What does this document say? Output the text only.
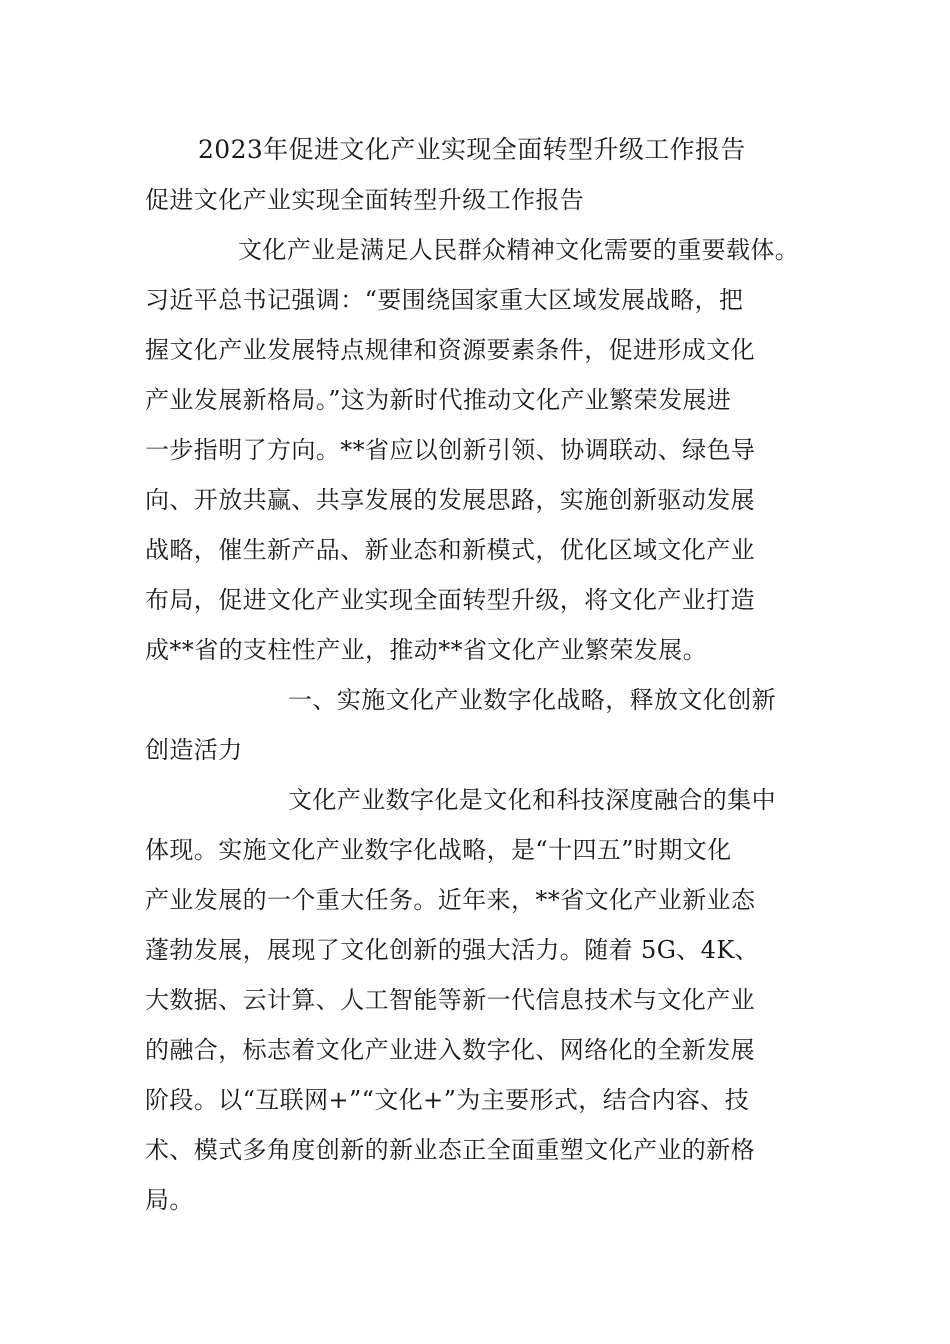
2023年促进文化产业实现全面转型升级工作报告
促进文化产业实现全面转型升级工作报告
文化产业是满足人民群众精神文化需要的重要载体。
习近平总书记强调：“要围绕国家重大区域发展战略，把
握文化产业发展特点规律和资源要素条件，促进形成文化
产业发展新格局。”这为新时代推动文化产业繁荣发展进
一步指明了方向。**省应以创新引领、协调联动、绿色导
向、开放共赢、共享发展的发展思路，实施创新驱动发展
战略，催生新产品、新业态和新模式，优化区域文化产业
布局，促进文化产业实现全面转型升级，将文化产业打造
成**省的支柱性产业，推动**省文化产业繁荣发展。
一、实施文化产业数字化战略，释放文化创新
创造活力
文化产业数字化是文化和科技深度融合的集中
体现。实施文化产业数字化战略，是“十四五”时期文化
产业发展的一个重大任务。近年来，**省文化产业新业态
蓬勃发展，展现了文化创新的强大活力。随着 5G、4K、
大数据、云计算、人工智能等新一代信息技术与文化产业
的融合，标志着文化产业进入数字化、网络化的全新发展
阶段。以“互联网+”“文化+”为主要形式，结合内容、技
术、模式多角度创新的新业态正全面重塑文化产业的新格
局。
